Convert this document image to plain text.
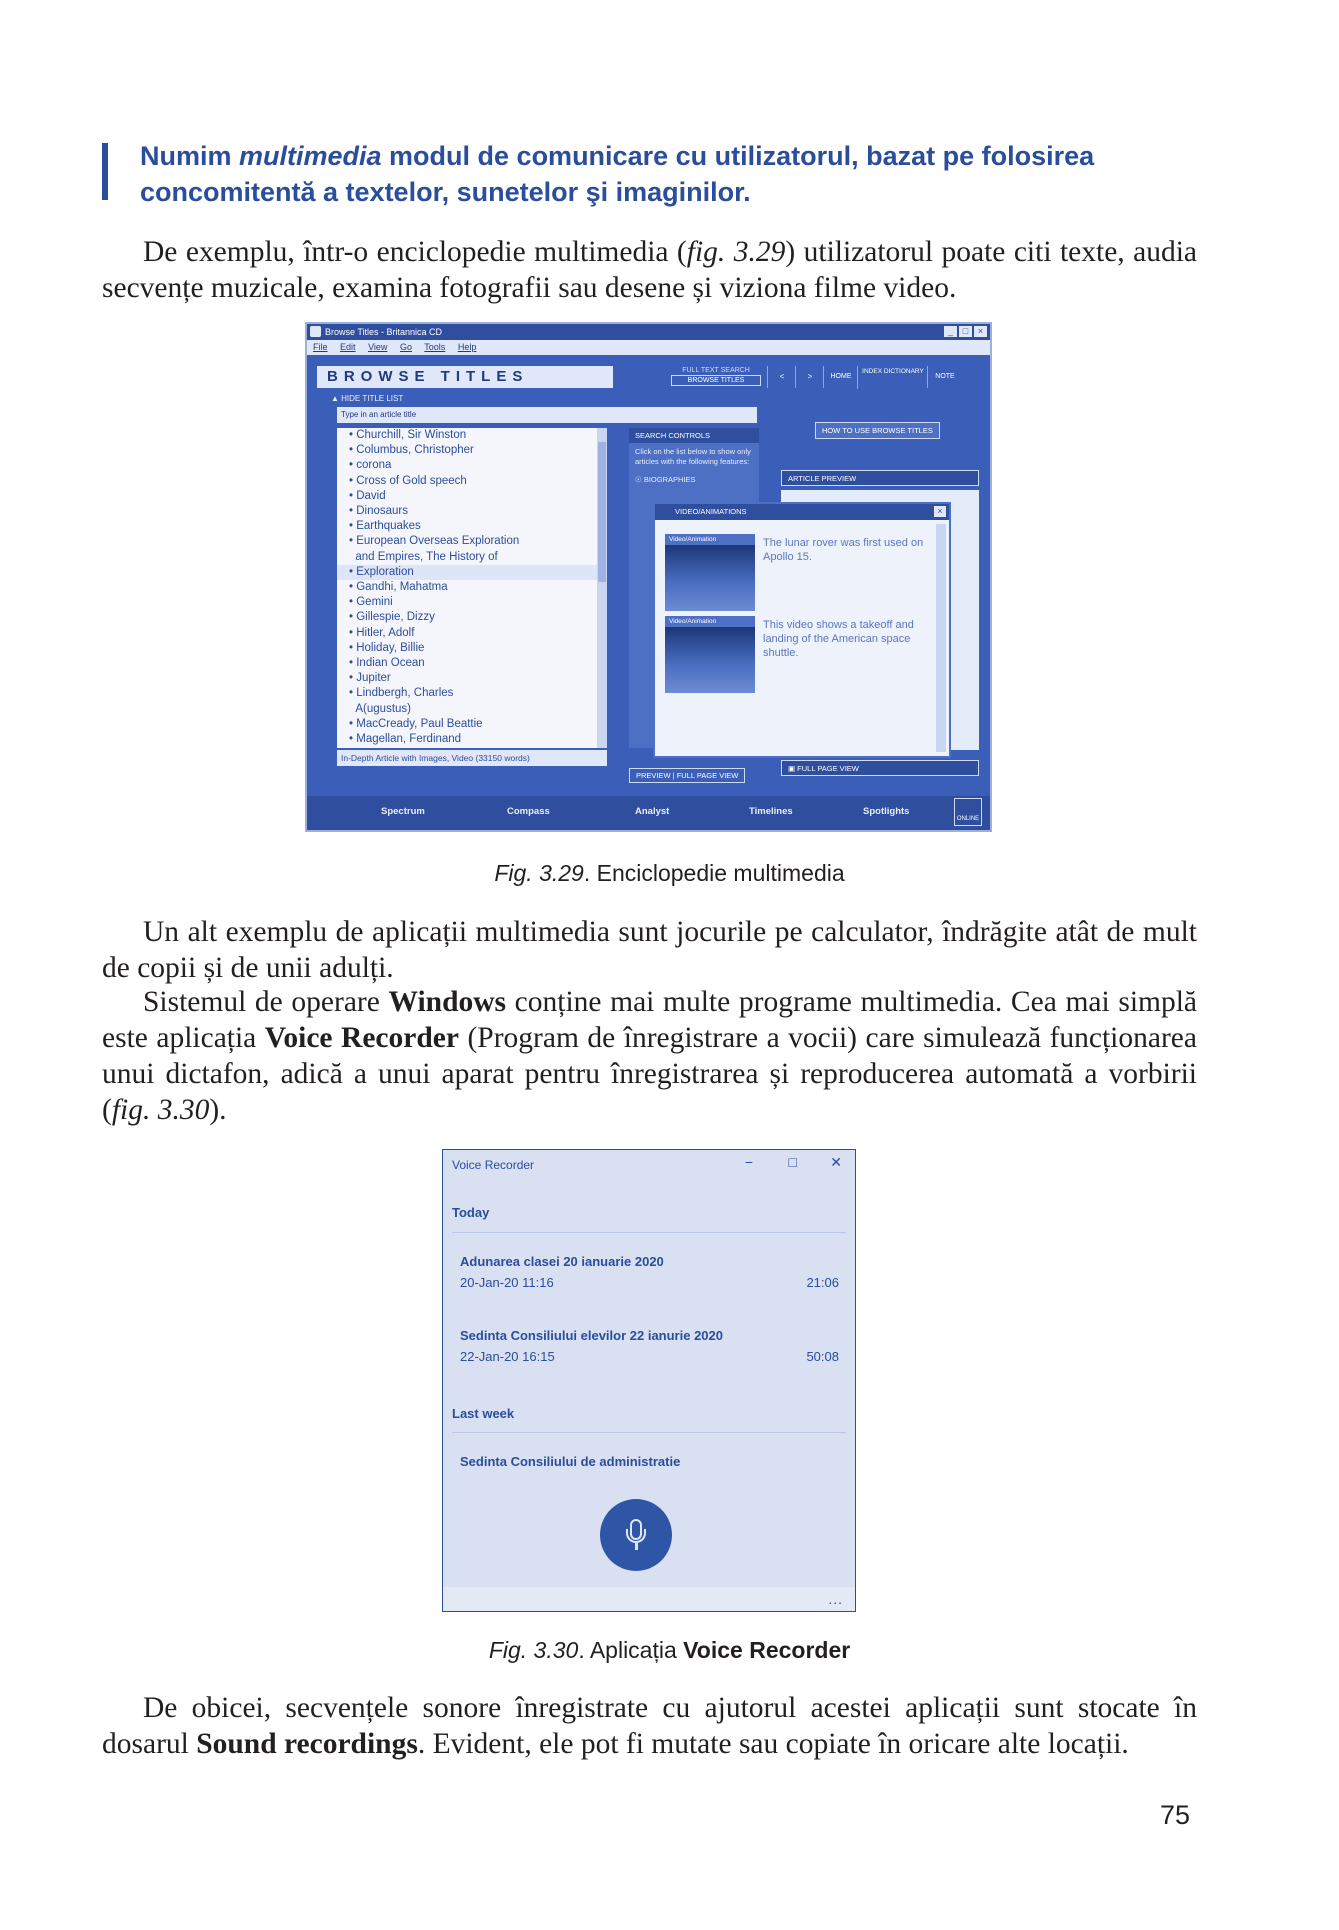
Numim multimedia modul de comunicare cu utilizatorul, bazat pe folosirea concomitentă a textelor, sunetelor şi imaginilor.
De exemplu, într-o enciclopedie multimedia (fig. 3.29) utilizatorul poate citi texte, audia secvențe muzicale, examina fotografii sau desene și viziona filme video.
Browse Titles - Britannica CD	_	□	×
File Edit View Go Tools Help
BROWSE TITLES	FULL TEXT SEARCH
BROWSE TITLES	<	>	HOME
INDEX DICTIONARY
NOTE
▲ HIDE TITLE LIST
Type in an article title
• Churchill, Sir Winston
• Columbus, Christopher
• corona
• Cross of Gold speech
• David
• Dinosaurs
• Earthquakes
• European Overseas Exploration
and Empires, The History of
• Exploration
• Gandhi, Mahatma
• Gemini
• Gillespie, Dizzy
• Hitler, Adolf
• Holiday, Billie
• Indian Ocean
• Jupiter
• Lindbergh, Charles
A(ugustus)
• MacCready, Paul Beattie
• Magellan, Ferdinand
In-Depth Article with Images, Video (33150 words)
SEARCH CONTROLS
Click on the list below to show only articles with the following features:
☉ BIOGRAPHIES
PREVIEW | FULL PAGE VIEW
HOW TO USE BROWSE TITLES
ARTICLE PREVIEW
▣ FULL PAGE VIEW
VIDEO/ANIMATIONS	×
Video/Animation	The lunar rover was first used on Apollo 15.
Video/Animation	This video shows a takeoff and landing of the American space shuttle.
Spectrum	Compass	Analyst	Timelines	Spotlights
ONLINE
Fig. 3.29. Enciclopedie multimedia
Un alt exemplu de aplicații multimedia sunt jocurile pe calculator, îndrăgite atât de mult de copii și de unii adulți.
Sistemul de operare Windows conține mai multe programe multimedia. Cea mai simplă este aplicația Voice Recorder (Program de înregistrare a vocii) care simulează funcționarea unui dictafon, adică a unui aparat pentru înregistrarea și reproducerea automată a vorbirii (fig. 3.30).
Voice Recorder	−	□ ✕
Today
Adunarea clasei 20 ianuarie 2020
20-Jan-20 11:16	21:06
Sedinta Consiliului elevilor 22 ianurie 2020
22-Jan-20 16:15	50:08
Last week
Sedinta Consiliului de administratie
...
Fig. 3.30. Aplicația Voice Recorder
De obicei, secvențele sonore înregistrate cu ajutorul acestei aplicații sunt stocate în dosarul Sound recordings. Evident, ele pot fi mutate sau copiate în oricare alte locații.
75
